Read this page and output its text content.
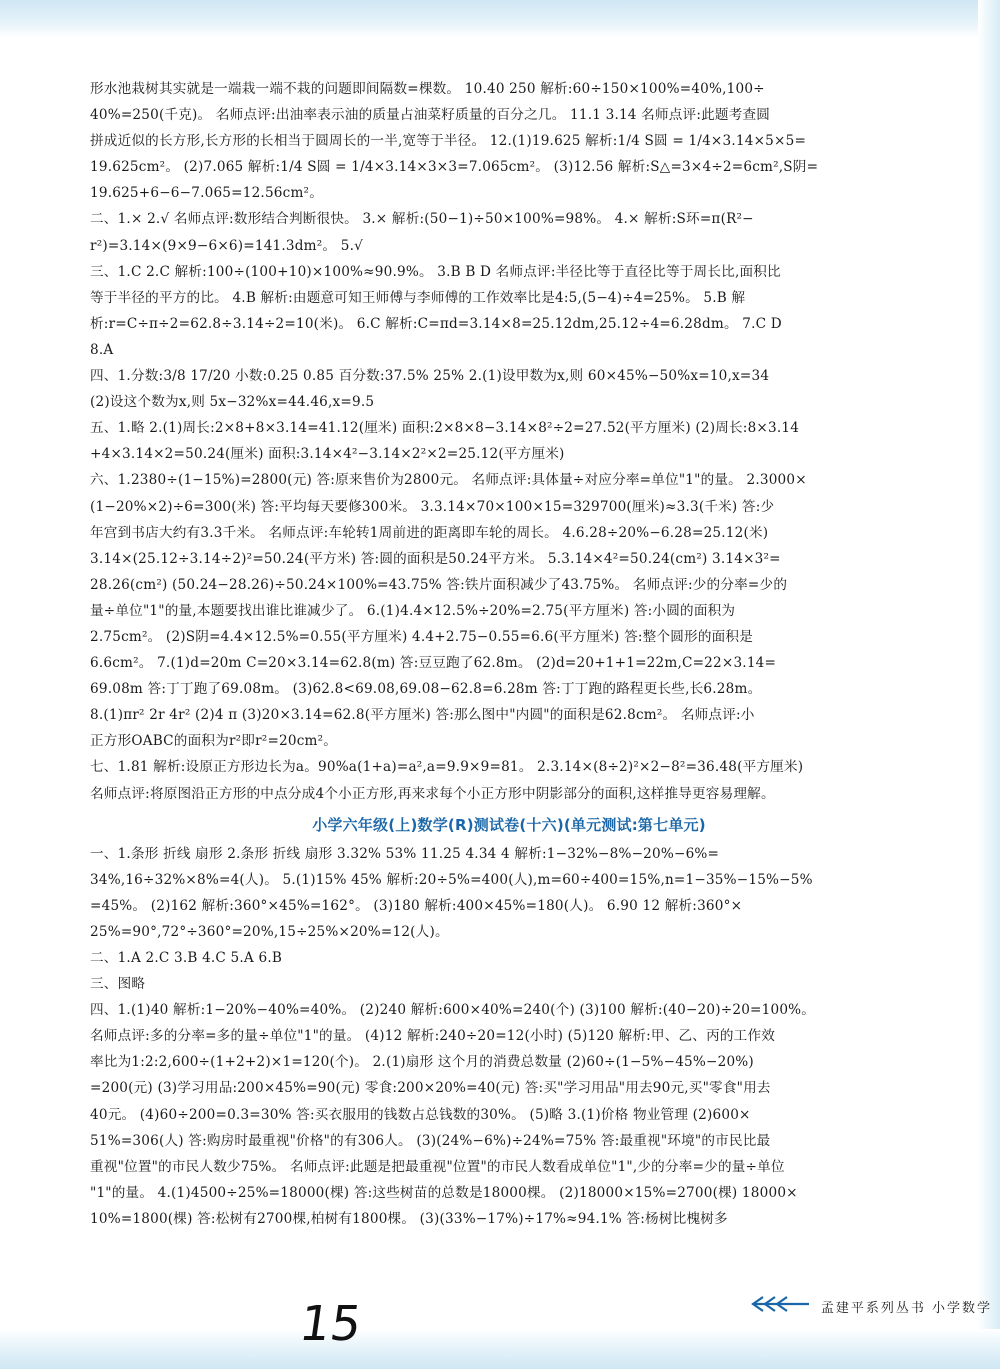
形水池栽树其实就是一端栽一端不栽的问题即间隔数=棵数。 10.40 250 解析:60÷150×100%=40%,100÷
40%=250(千克)。 名师点评:出油率表示油的质量占油菜籽质量的百分之几。 11.1 3.14 名师点评:此题考查圆
拼成近似的长方形,长方形的长相当于圆周长的一半,宽等于半径。 12.(1)19.625 解析:1/4 S圆 = 1/4×3.14×5×5=
19.625cm²。 (2)7.065 解析:1/4 S圆 = 1/4×3.14×3×3=7.065cm²。 (3)12.56 解析:S△=3×4÷2=6cm²,S阴=
19.625+6−6−7.065=12.56cm²。
二、1.× 2.√ 名师点评:数形结合判断很快。 3.× 解析:(50−1)÷50×100%=98%。 4.× 解析:S环=π(R²−
r²)=3.14×(9×9−6×6)=141.3dm²。 5.√
三、1.C 2.C 解析:100÷(100+10)×100%≈90.9%。 3.B B D 名师点评:半径比等于直径比等于周长比,面积比
等于半径的平方的比。 4.B 解析:由题意可知王师傅与李师傅的工作效率比是4:5,(5−4)÷4=25%。 5.B 解
析:r=C÷π÷2=62.8÷3.14÷2=10(米)。 6.C 解析:C=πd=3.14×8=25.12dm,25.12÷4=6.28dm。 7.C D
8.A
四、1.分数:3/8 17/20 小数:0.25 0.85 百分数:37.5% 25% 2.(1)设甲数为x,则 60×45%−50%x=10,x=34
(2)设这个数为x,则 5x−32%x=44.46,x=9.5
五、1.略 2.(1)周长:2×8+8×3.14=41.12(厘米) 面积:2×8×8−3.14×8²÷2=27.52(平方厘米) (2)周长:8×3.14
+4×3.14×2=50.24(厘米) 面积:3.14×4²−3.14×2²×2=25.12(平方厘米)
六、1.2380÷(1−15%)=2800(元) 答:原来售价为2800元。 名师点评:具体量÷对应分率=单位"1"的量。 2.3000×
(1−20%×2)÷6=300(米) 答:平均每天要修300米。 3.3.14×70×100×15=329700(厘米)≈3.3(千米) 答:少
年宫到书店大约有3.3千米。 名师点评:车轮转1周前进的距离即车轮的周长。 4.6.28÷20%−6.28=25.12(米)
3.14×(25.12÷3.14÷2)²=50.24(平方米) 答:圆的面积是50.24平方米。 5.3.14×4²=50.24(cm²) 3.14×3²=
28.26(cm²) (50.24−28.26)÷50.24×100%=43.75% 答:铁片面积减少了43.75%。 名师点评:少的分率=少的
量÷单位"1"的量,本题要找出谁比谁减少了。 6.(1)4.4×12.5%÷20%=2.75(平方厘米) 答:小圆的面积为
2.75cm²。 (2)S阴=4.4×12.5%=0.55(平方厘米) 4.4+2.75−0.55=6.6(平方厘米) 答:整个圆形的面积是
6.6cm²。 7.(1)d=20m C=20×3.14=62.8(m) 答:豆豆跑了62.8m。 (2)d=20+1+1=22m,C=22×3.14=
69.08m 答:丁丁跑了69.08m。 (3)62.8<69.08,69.08−62.8=6.28m 答:丁丁跑的路程更长些,长6.28m。
8.(1)πr² 2r 4r² (2)4 π (3)20×3.14=62.8(平方厘米) 答:那么图中"内圆"的面积是62.8cm²。 名师点评:小
正方形OABC的面积为r²即r²=20cm²。
七、1.81 解析:设原正方形边长为a。90%a(1+a)=a²,a=9.9×9=81。 2.3.14×(8÷2)²×2−8²=36.48(平方厘米)
名师点评:将原图沿正方形的中点分成4个小正方形,再来求每个小正方形中阴影部分的面积,这样推导更容易理解。
小学六年级(上)数学(R)测试卷(十六)(单元测试:第七单元)
一、1.条形 折线 扇形 2.条形 折线 扇形 3.32% 53% 11.25 4.34 4 解析:1−32%−8%−20%−6%=
34%,16÷32%×8%=4(人)。 5.(1)15% 45% 解析:20÷5%=400(人),m=60÷400=15%,n=1−35%−15%−5%
=45%。 (2)162 解析:360°×45%=162°。 (3)180 解析:400×45%=180(人)。 6.90 12 解析:360°×
25%=90°,72°÷360°=20%,15÷25%×20%=12(人)。
二、1.A 2.C 3.B 4.C 5.A 6.B
三、图略
四、1.(1)40 解析:1−20%−40%=40%。 (2)240 解析:600×40%=240(个) (3)100 解析:(40−20)÷20=100%。
名师点评:多的分率=多的量÷单位"1"的量。 (4)12 解析:240÷20=12(小时) (5)120 解析:甲、乙、丙的工作效
率比为1:2:2,600÷(1+2+2)×1=120(个)。 2.(1)扇形 这个月的消费总数量 (2)60÷(1−5%−45%−20%)
=200(元) (3)学习用品:200×45%=90(元) 零食:200×20%=40(元) 答:买"学习用品"用去90元,买"零食"用去
40元。 (4)60÷200=0.3=30% 答:买衣服用的钱数占总钱数的30%。 (5)略 3.(1)价格 物业管理 (2)600×
51%=306(人) 答:购房时最重视"价格"的有306人。 (3)(24%−6%)÷24%=75% 答:最重视"环境"的市民比最
重视"位置"的市民人数少75%。 名师点评:此题是把最重视"位置"的市民人数看成单位"1",少的分率=少的量÷单位
"1"的量。 4.(1)4500÷25%=18000(棵) 答:这些树苗的总数是18000棵。 (2)18000×15%=2700(棵) 18000×
10%=1800(棵) 答:松树有2700棵,柏树有1800棵。 (3)(33%−17%)÷17%≈94.1% 答:杨树比槐树多
15	孟建平系列丛书 小学数学
